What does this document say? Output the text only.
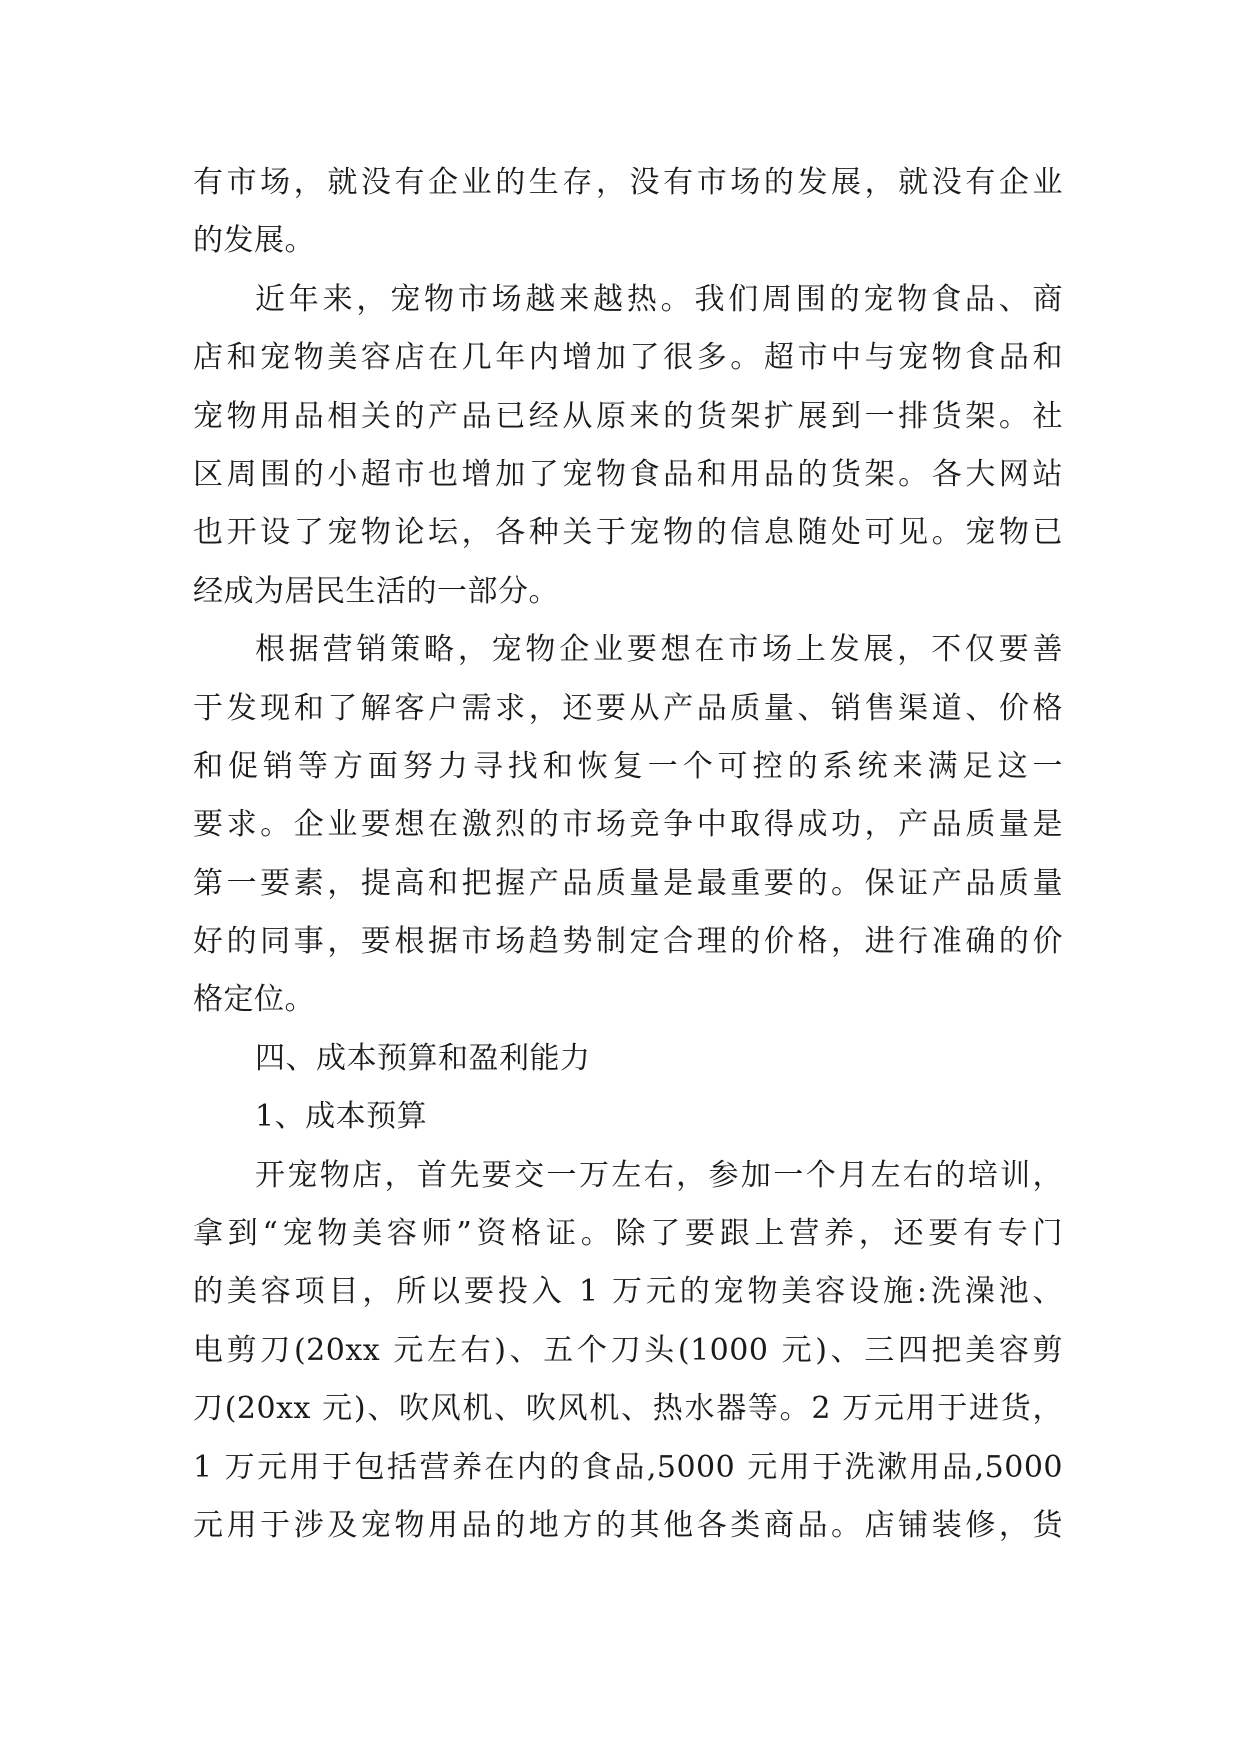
有市场，就没有企业的生存，没有市场的发展，就没有企业
的发展。
近年来，宠物市场越来越热。我们周围的宠物食品、商
店和宠物美容店在几年内增加了很多。超市中与宠物食品和
宠物用品相关的产品已经从原来的货架扩展到一排货架。社
区周围的小超市也增加了宠物食品和用品的货架。各大网站
也开设了宠物论坛，各种关于宠物的信息随处可见。宠物已
经成为居民生活的一部分。
根据营销策略，宠物企业要想在市场上发展，不仅要善
于发现和了解客户需求，还要从产品质量、销售渠道、价格
和促销等方面努力寻找和恢复一个可控的系统来满足这一
要求。企业要想在激烈的市场竞争中取得成功，产品质量是
第一要素，提高和把握产品质量是最重要的。保证产品质量
好的同事，要根据市场趋势制定合理的价格，进行准确的价
格定位。
四、成本预算和盈利能力
1、成本预算
开宠物店，首先要交一万左右，参加一个月左右的培训，
拿到“宠物美容师”资格证。除了要跟上营养，还要有专门
的美容项目，所以要投入 1 万元的宠物美容设施:洗澡池、
电剪刀(20xx 元左右)、五个刀头(1000 元)、三四把美容剪
刀(20xx 元)、吹风机、吹风机、热水器等。2 万元用于进货，
1 万元用于包括营养在内的食品,5000 元用于洗漱用品,5000
元用于涉及宠物用品的地方的其他各类商品。店铺装修，货
